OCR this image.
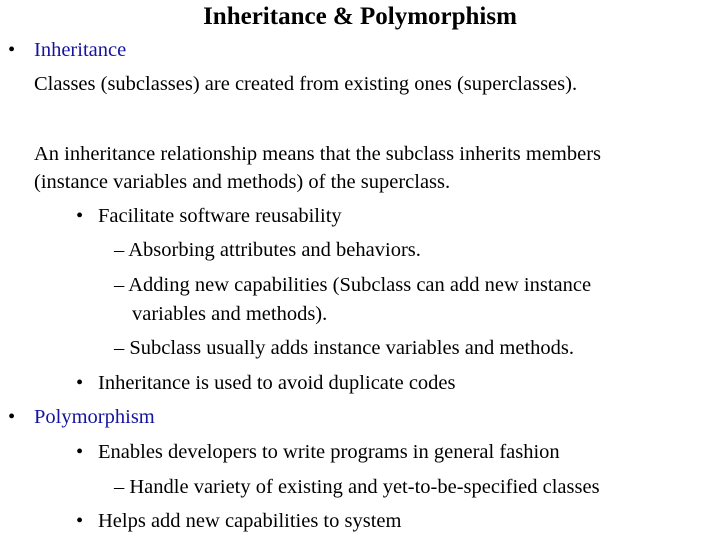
Inheritance & Polymorphism
• Inheritance
Classes (subclasses) are created from existing ones (superclasses).
An inheritance relationship means that the subclass inherits members
(instance variables and methods) of the superclass.
• Facilitate software reusability
– Absorbing attributes and behaviors.
– Adding new capabilities (Subclass can add new instance
variables and methods).
– Subclass usually adds instance variables and methods.
• Inheritance is used to avoid duplicate codes
• Polymorphism
• Enables developers to write programs in general fashion
– Handle variety of existing and yet-to-be-specified classes
• Helps add new capabilities to system
